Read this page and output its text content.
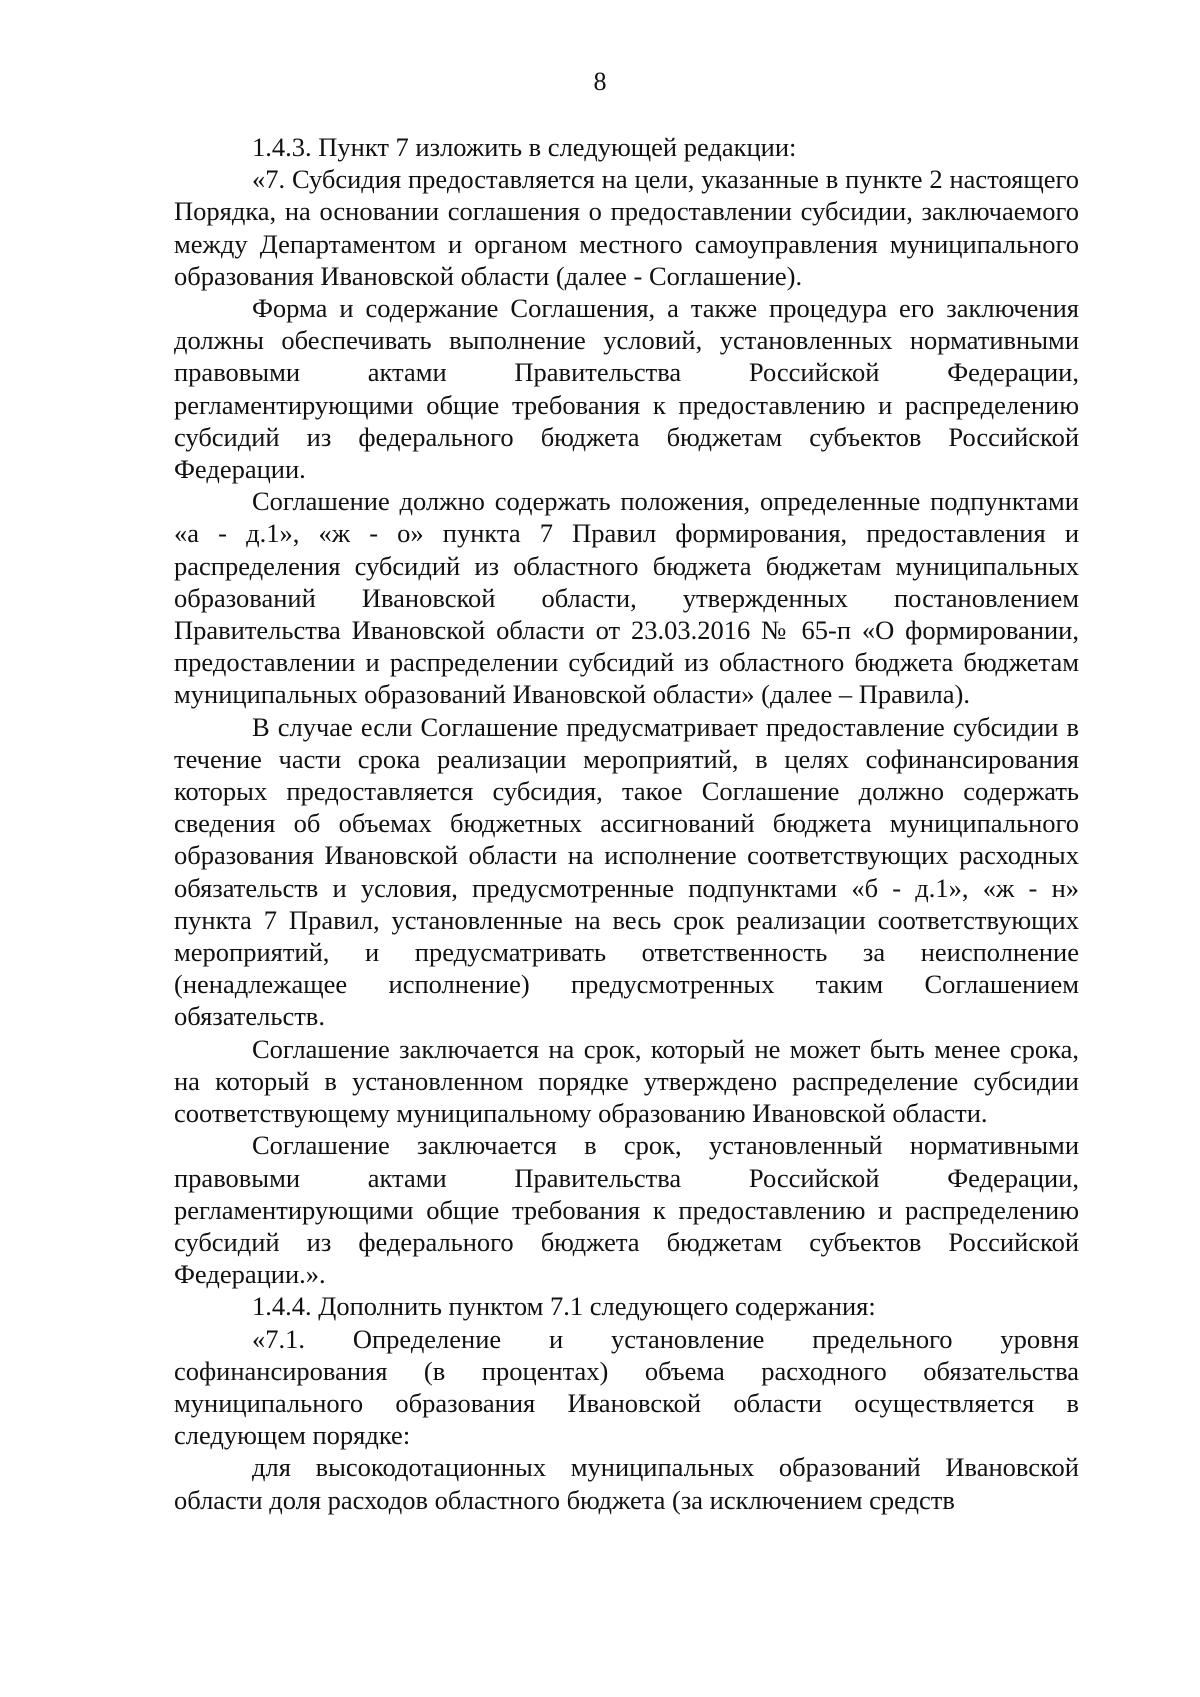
8

1.4.3. Пункт 7 изложить в следующей редакции:

«7. Субсидия предоставляется на цели, указанные в пункте 2 настоящего Порядка, на основании соглашения о предоставлении субсидии, заключаемого между Департаментом и органом местного самоуправления муниципального образования Ивановской области (далее - Соглашение).

Форма и содержание Соглашения, а также процедура его заключения должны обеспечивать выполнение условий, установленных нормативными правовыми актами Правительства Российской Федерации, регламентирующими общие требования к предоставлению и распределению субсидий из федерального бюджета бюджетам субъектов Российской Федерации.

Соглашение должно содержать положения, определенные подпунктами «а - д.1», «ж - о» пункта 7 Правил формирования, предоставления и распределения субсидий из областного бюджета бюджетам муниципальных образований Ивановской области, утвержденных постановлением Правительства Ивановской области от 23.03.2016 № 65-п «О формировании, предоставлении и распределении субсидий из областного бюджета бюджетам муниципальных образований Ивановской области» (далее – Правила).

В случае если Соглашение предусматривает предоставление субсидии в течение части срока реализации мероприятий, в целях софинансирования которых предоставляется субсидия, такое Соглашение должно содержать сведения об объемах бюджетных ассигнований бюджета муниципального образования Ивановской области на исполнение соответствующих расходных обязательств и условия, предусмотренные подпунктами «б - д.1», «ж - н» пункта 7 Правил, установленные на весь срок реализации соответствующих мероприятий, и предусматривать ответственность за неисполнение (ненадлежащее исполнение) предусмотренных таким Соглашением обязательств.

Соглашение заключается на срок, который не может быть менее срока, на который в установленном порядке утверждено распределение субсидии соответствующему муниципальному образованию Ивановской области.

Соглашение заключается в срок, установленный нормативными правовыми актами Правительства Российской Федерации, регламентирующими общие требования к предоставлению и распределению субсидий из федерального бюджета бюджетам субъектов Российской Федерации.».

1.4.4. Дополнить пунктом 7.1 следующего содержания:

«7.1. Определение и установление предельного уровня софинансирования (в процентах) объема расходного обязательства муниципального образования Ивановской области осуществляется в следующем порядке:

для высокодотационных муниципальных образований Ивановской области доля расходов областного бюджета (за исключением средств
